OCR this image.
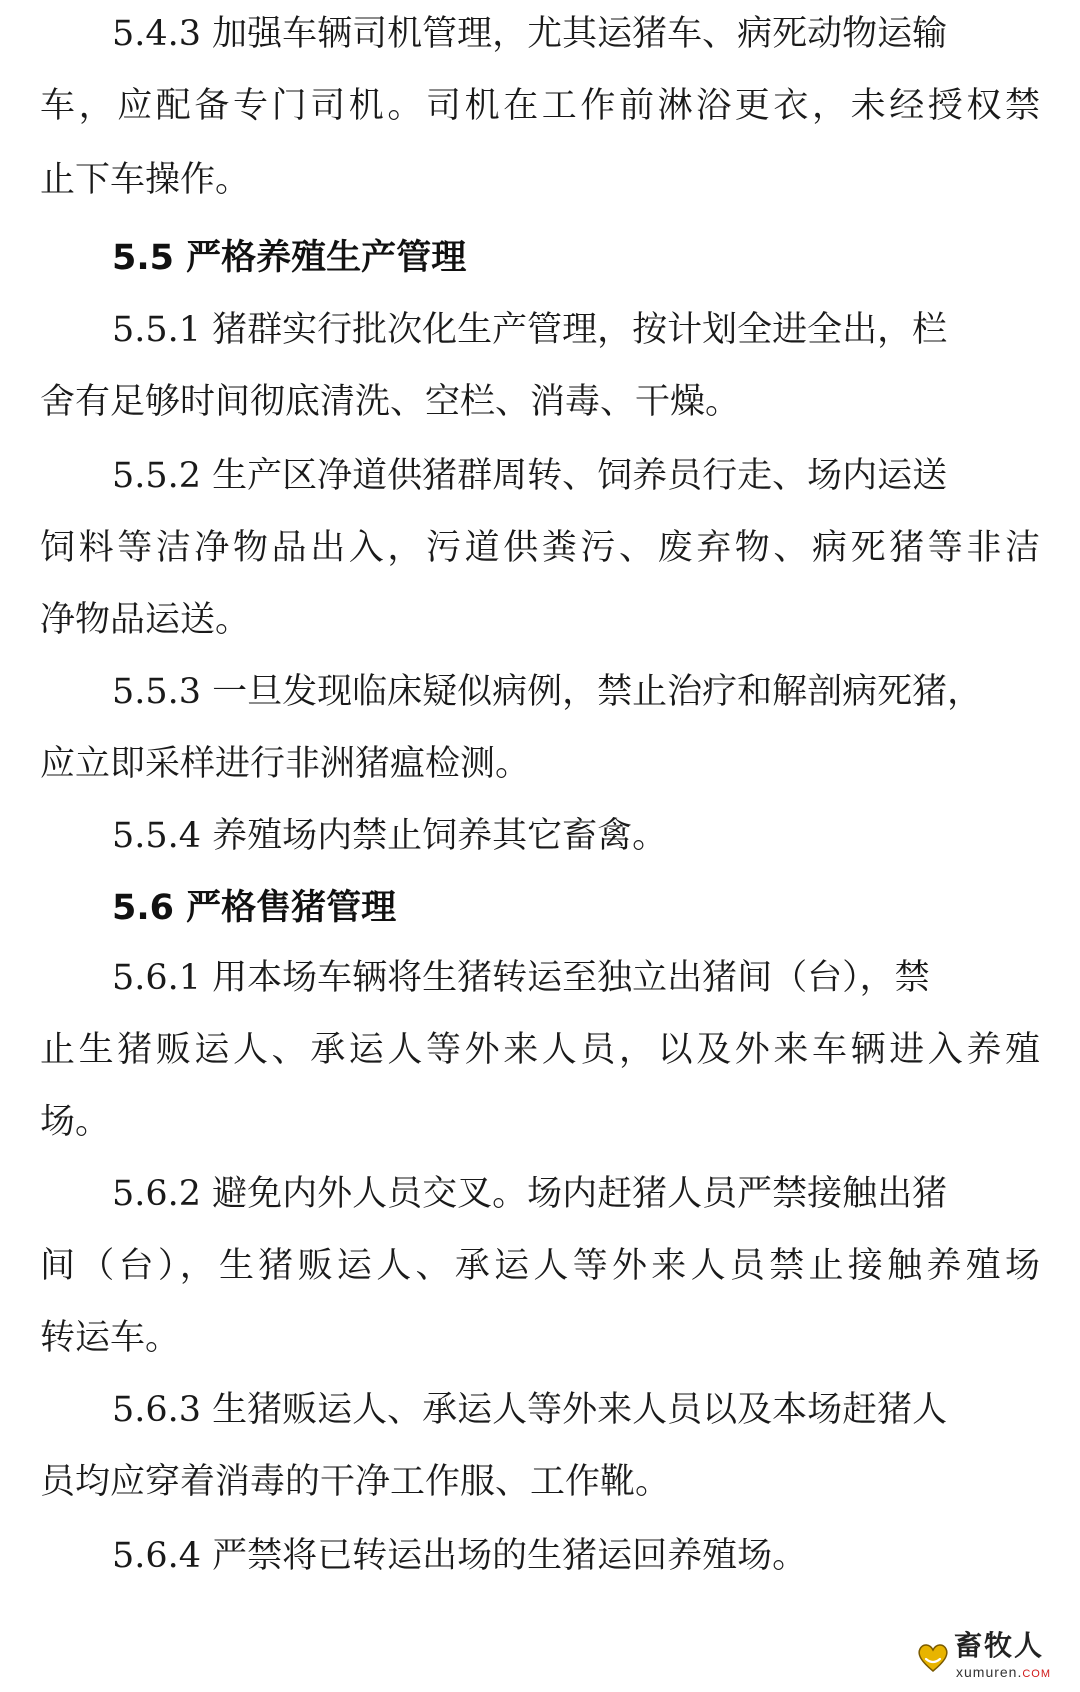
5.4.3 加强车辆司机管理，尤其运猪车、病死动物运输
车，应配备专门司机。司机在工作前淋浴更衣，未经授权禁
止下车操作。
5.5 严格养殖生产管理
5.5.1 猪群实行批次化生产管理，按计划全进全出，栏
舍有足够时间彻底清洗、空栏、消毒、干燥。
5.5.2 生产区净道供猪群周转、饲养员行走、场内运送
饲料等洁净物品出入，污道供粪污、废弃物、病死猪等非洁
净物品运送。
5.5.3 一旦发现临床疑似病例，禁止治疗和解剖病死猪，
应立即采样进行非洲猪瘟检测。
5.5.4 养殖场内禁止饲养其它畜禽。
5.6 严格售猪管理
5.6.1 用本场车辆将生猪转运至独立出猪间（台），禁
止生猪贩运人、承运人等外来人员，以及外来车辆进入养殖
场。
5.6.2 避免内外人员交叉。场内赶猪人员严禁接触出猪
间（台），生猪贩运人、承运人等外来人员禁止接触养殖场
转运车。
5.6.3 生猪贩运人、承运人等外来人员以及本场赶猪人
员均应穿着消毒的干净工作服、工作靴。
5.6.4 严禁将已转运出场的生猪运回养殖场。
畜牧人
xumuren.COM
